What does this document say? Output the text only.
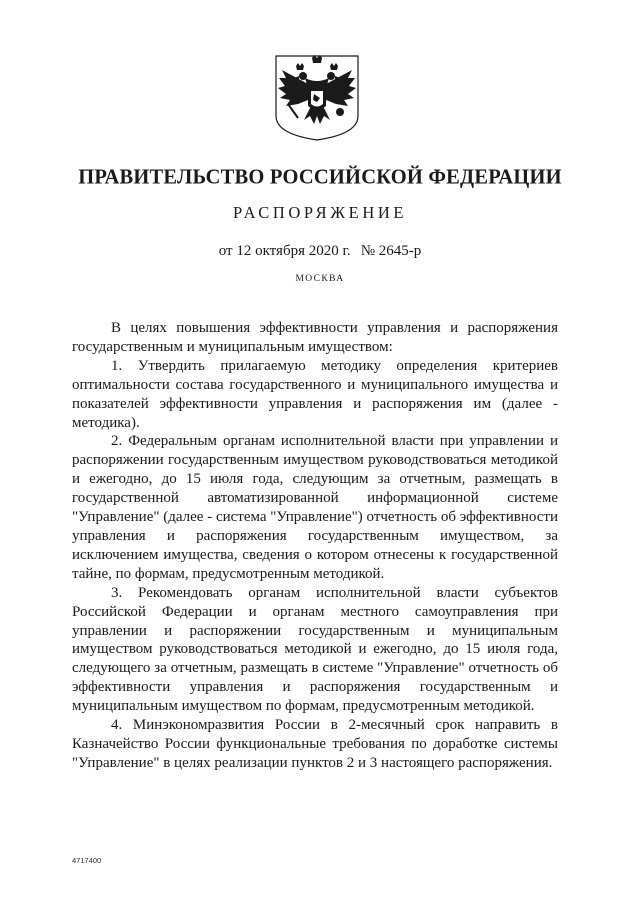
ПРАВИТЕЛЬСТВО РОССИЙСКОЙ ФЕДЕРАЦИИ
РАСПОРЯЖЕНИЕ
от 12 октября 2020 г. № 2645-р
МОСКВА

В целях повышения эффективности управления и распоряжения государственным и муниципальным имуществом:

1. Утвердить прилагаемую методику определения критериев оптимальности состава государственного и муниципального имущества и показателей эффективности управления и распоряжения им (далее - методика).

2. Федеральным органам исполнительной власти при управлении и распоряжении государственным имуществом руководствоваться методикой и ежегодно, до 15 июля года, следующим за отчетным, размещать в государственной автоматизированной информационной системе "Управление" (далее - система "Управление") отчетность об эффективности управления и распоряжения государственным имуществом, за исключением имущества, сведения о котором отнесены к государственной тайне, по формам, предусмотренным методикой.

3. Рекомендовать органам исполнительной власти субъектов Российской Федерации и органам местного самоуправления при управлении и распоряжении государственным и муниципальным имуществом руководствоваться методикой и ежегодно, до 15 июля года, следующего за отчетным, размещать в системе "Управление" отчетность об эффективности управления и распоряжения государственным и муниципальным имуществом по формам, предусмотренным методикой.

4. Минэкономразвития России в 2-месячный срок направить в Казначейство России функциональные требования по доработке системы "Управление" в целях реализации пунктов 2 и 3 настоящего распоряжения.

4717400
